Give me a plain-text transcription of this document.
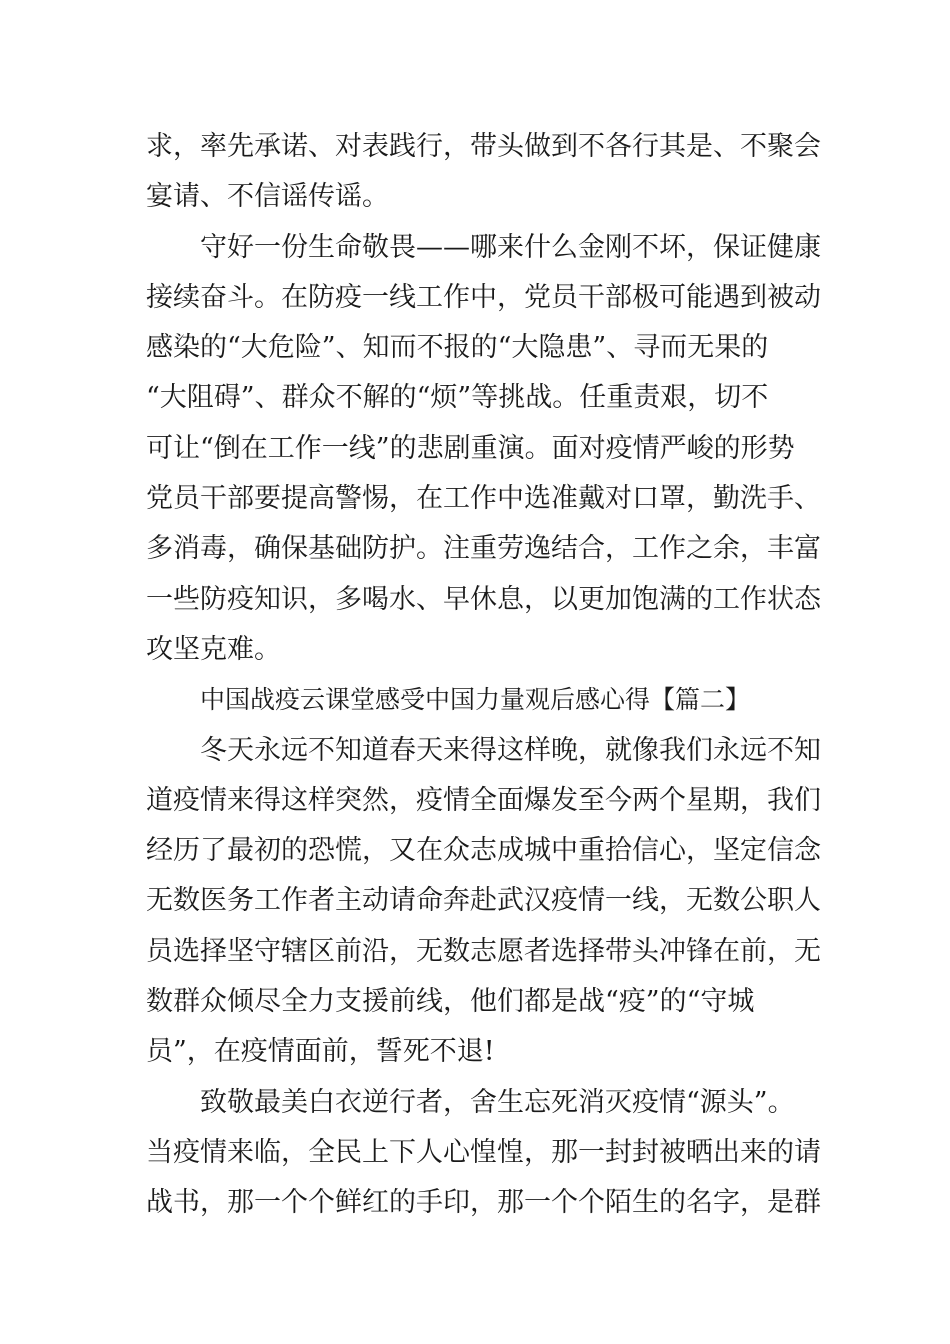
求，率先承诺、对表践行，带头做到不各行其是、不聚会
宴请、不信谣传谣。
守好一份生命敬畏——哪来什么金刚不坏，保证健康
接续奋斗。在防疫一线工作中，党员干部极可能遇到被动
感染的“大危险”、知而不报的“大隐患”、寻而无果的
“大阻碍”、群众不解的“烦”等挑战。任重责艰，切不
可让“倒在工作一线”的悲剧重演。面对疫情严峻的形势
党员干部要提高警惕，在工作中选准戴对口罩，勤洗手、
多消毒，确保基础防护。注重劳逸结合，工作之余，丰富
一些防疫知识，多喝水、早休息，以更加饱满的工作状态
攻坚克难。
中国战疫云课堂感受中国力量观后感心得【篇二】
冬天永远不知道春天来得这样晚，就像我们永远不知
道疫情来得这样突然，疫情全面爆发至今两个星期，我们
经历了最初的恐慌，又在众志成城中重拾信心，坚定信念
无数医务工作者主动请命奔赴武汉疫情一线，无数公职人
员选择坚守辖区前沿，无数志愿者选择带头冲锋在前，无
数群众倾尽全力支援前线，他们都是战“疫”的“守城
员”，在疫情面前，誓死不退!
致敬最美白衣逆行者，舍生忘死消灭疫情“源头”。
当疫情来临，全民上下人心惶惶，那一封封被晒出来的请
战书，那一个个鲜红的手印，那一个个陌生的名字，是群
